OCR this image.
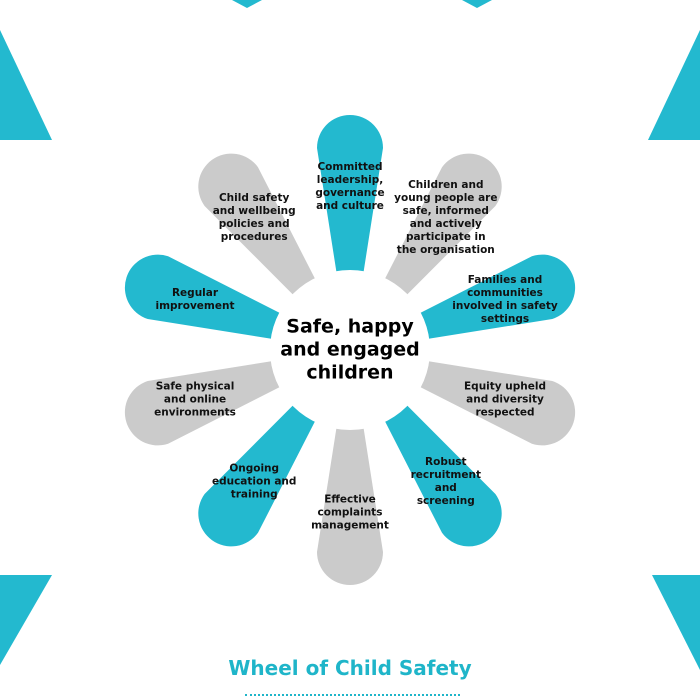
Committed
leadership,
governance
and culture
Children and
young people are
safe, informed
and actively
participate in
the organisation
Families and
communities
involved in safety
settings
Equity upheld
and diversity
respected
Robust
recruitment
and
screening
Effective
complaints
management
Ongoing
education and
training
Safe physical
and online
environments
Regular
improvement
Child safety
and wellbeing
policies and
procedures
Safe, happy
and engaged
children
Wheel of Child Safety
